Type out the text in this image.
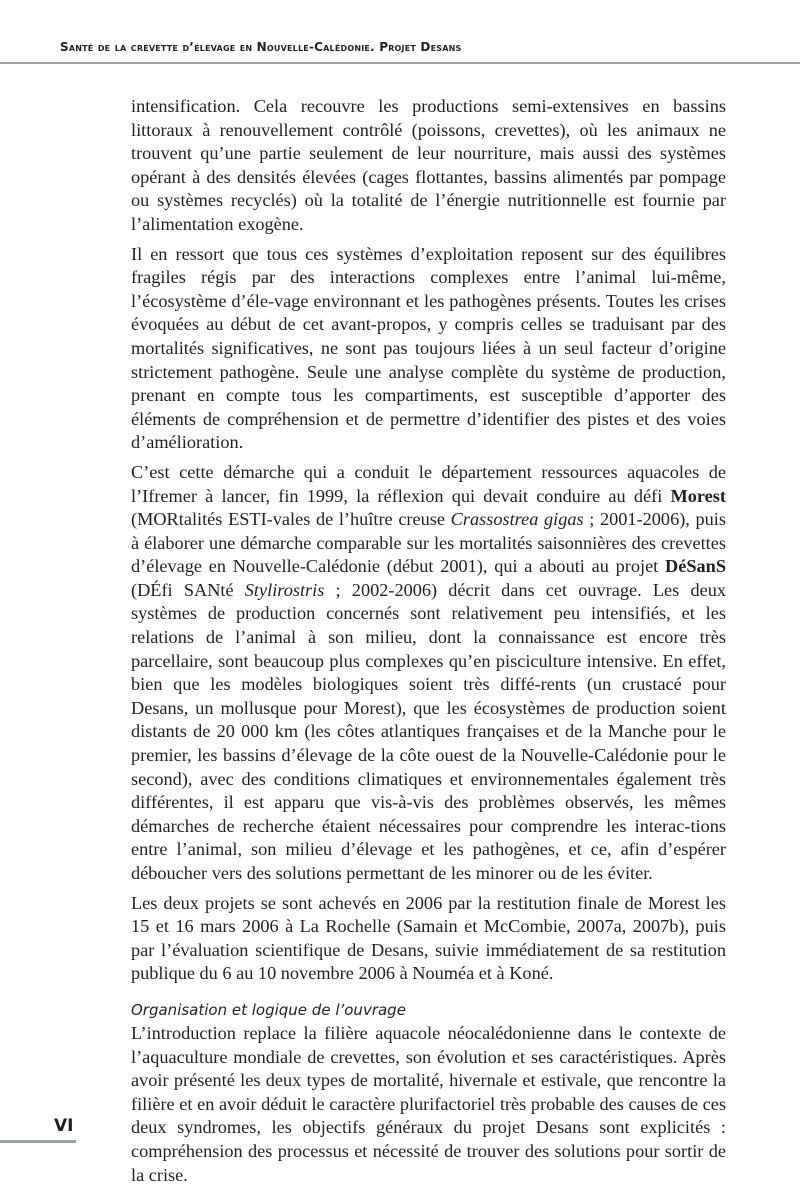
Santé de la crevette d’élevage en Nouvelle-Calédonie. Projet Desans

intensification. Cela recouvre les productions semi-extensives en bassins littoraux à renouvellement contrôlé (poissons, crevettes), où les animaux ne trouvent qu’une partie seulement de leur nourriture, mais aussi des systèmes opérant à des densités élevées (cages flottantes, bassins alimentés par pompage ou systèmes recyclés) où la totalité de l’énergie nutritionnelle est fournie par l’alimentation exogène.

Il en ressort que tous ces systèmes d’exploitation reposent sur des équilibres fragiles régis par des interactions complexes entre l’animal lui-même, l’écosystème d’éle-vage environnant et les pathogènes présents. Toutes les crises évoquées au début de cet avant-propos, y compris celles se traduisant par des mortalités significatives, ne sont pas toujours liées à un seul facteur d’origine strictement pathogène. Seule une analyse complète du système de production, prenant en compte tous les compartiments, est susceptible d’apporter des éléments de compréhension et de permettre d’identifier des pistes et des voies d’amélioration.

C’est cette démarche qui a conduit le département ressources aquacoles de l’Ifremer à lancer, fin 1999, la réflexion qui devait conduire au défi Morest (MORtalités ESTI-vales de l’huître creuse Crassostrea gigas ; 2001-2006), puis à élaborer une démarche comparable sur les mortalités saisonnières des crevettes d’élevage en Nouvelle-Calédonie (début 2001), qui a abouti au projet DéSanS (DÉfi SANté Stylirostris ; 2002-2006) décrit dans cet ouvrage. Les deux systèmes de production concernés sont relativement peu intensifiés, et les relations de l’animal à son milieu, dont la connaissance est encore très parcellaire, sont beaucoup plus complexes qu’en pisciculture intensive. En effet, bien que les modèles biologiques soient très diffé-rents (un crustacé pour Desans, un mollusque pour Morest), que les écosystèmes de production soient distants de 20 000 km (les côtes atlantiques françaises et de la Manche pour le premier, les bassins d’élevage de la côte ouest de la Nouvelle-Calédonie pour le second), avec des conditions climatiques et environnementales également très différentes, il est apparu que vis-à-vis des problèmes observés, les mêmes démarches de recherche étaient nécessaires pour comprendre les interac-tions entre l’animal, son milieu d’élevage et les pathogènes, et ce, afin d’espérer déboucher vers des solutions permettant de les minorer ou de les éviter.

Les deux projets se sont achevés en 2006 par la restitution finale de Morest les 15 et 16 mars 2006 à La Rochelle (Samain et McCombie, 2007a, 2007b), puis par l’évaluation scientifique de Desans, suivie immédiatement de sa restitution publique du 6 au 10 novembre 2006 à Nouméa et à Koné.

Organisation et logique de l’ouvrage

L’introduction replace la filière aquacole néocalédonienne dans le contexte de l’aquaculture mondiale de crevettes, son évolution et ses caractéristiques. Après avoir présenté les deux types de mortalité, hivernale et estivale, que rencontre la filière et en avoir déduit le caractère plurifactoriel très probable des causes de ces deux syndromes, les objectifs généraux du projet Desans sont explicités : compréhension des processus et nécessité de trouver des solutions pour sortir de la crise.

VI
